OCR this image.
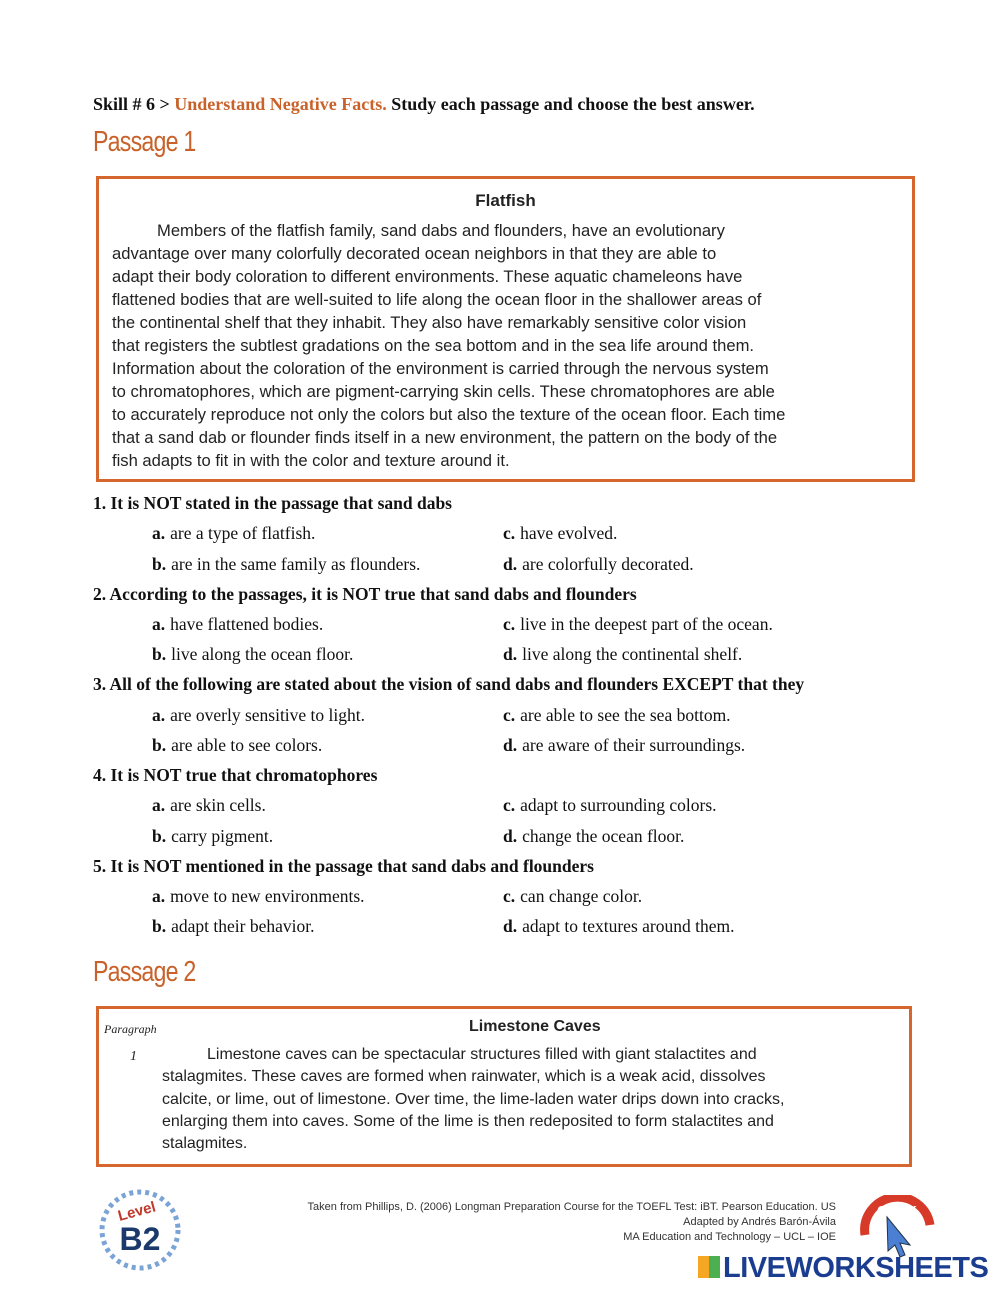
Skill # 6 > Understand Negative Facts. Study each passage and choose the best answer.
Passage 1
Flatfish
Members of the flatfish family, sand dabs and flounders, have an evolutionary
advantage over many colorfully decorated ocean neighbors in that they are able to
adapt their body coloration to different environments. These aquatic chameleons have
flattened bodies that are well-suited to life along the ocean floor in the shallower areas of
the continental shelf that they inhabit. They also have remarkably sensitive color vision
that registers the subtlest gradations on the sea bottom and in the sea life around them.
Information about the coloration of the environment is carried through the nervous system
to chromatophores, which are pigment-carrying skin cells. These chromatophores are able
to accurately reproduce not only the colors but also the texture of the ocean floor. Each time
that a sand dab or flounder finds itself in a new environment, the pattern on the body of the
fish adapts to fit in with the color and texture around it.
1. It is NOT stated in the passage that sand dabs
a. are a type of flatfish.
b. are in the same family as flounders.
c. have evolved.
d. are colorfully decorated.
2. According to the passages, it is NOT true that sand dabs and flounders
a. have flattened bodies.
b. live along the ocean floor.
c. live in the deepest part of the ocean.
d. live along the continental shelf.
3. All of the following are stated about the vision of sand dabs and flounders EXCEPT that they
a. are overly sensitive to light.
b. are able to see colors.
c. are able to see the sea bottom.
d. are aware of their surroundings.
4. It is NOT true that chromatophores
a. are skin cells.
b. carry pigment.
c. adapt to surrounding colors.
d. change the ocean floor.
5. It is NOT mentioned in the passage that sand dabs and flounders
a. move to new environments.
b. adapt their behavior.
c. can change color.
d. adapt to textures around them.
Passage 2
Paragraph
1
Limestone Caves
Limestone caves can be spectacular structures filled with giant stalactites and
stalagmites. These caves are formed when rainwater, which is a weak acid, dissolves
calcite, or lime, out of limestone. Over time, the lime-laden water drips down into cracks,
enlarging them into caves. Some of the lime is then redeposited to form stalactites and
stalagmites.
Level
B2
Taken from Phillips, D. (2006) Longman Preparation Course for the TOEFL Test: iBT. Pearson Education. US
Adapted by Andrés Barón-Ávila
MA Education and Technology – UCL – IOE
CLICK
LIVEWORKSHEETS
